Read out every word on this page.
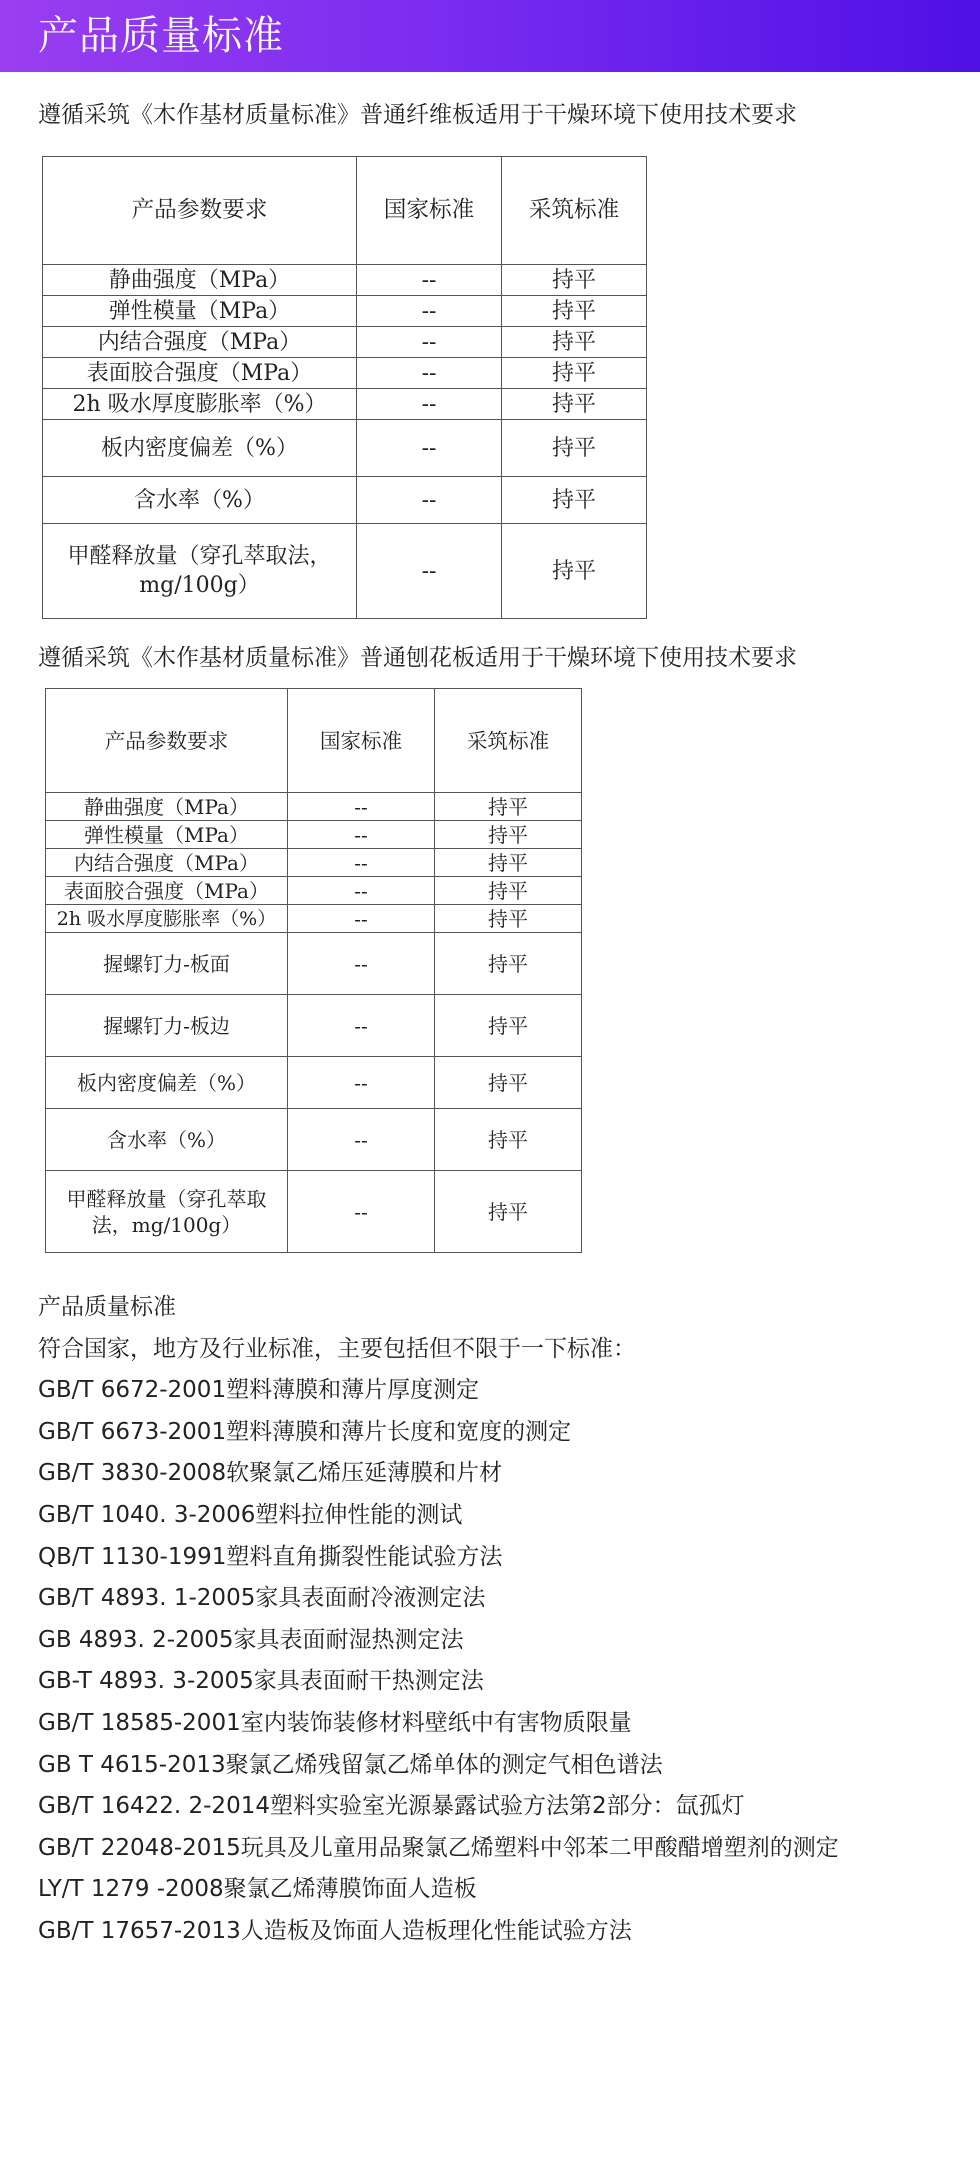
产品质量标准
遵循采筑《木作基材质量标准》普通纤维板适用于干燥环境下使用技术要求
产品参数要求	国家标准	采筑标准
静曲强度（MPa）	--	持平
弹性模量（MPa）	--	持平
内结合强度（MPa）	--	持平
表面胶合强度（MPa）	--	持平
2h 吸水厚度膨胀率（%）	--	持平
板内密度偏差（%）	--	持平
含水率（%）	--	持平
甲醛释放量（穿孔萃取法，mg/100g）	--	持平
遵循采筑《木作基材质量标准》普通刨花板适用于干燥环境下使用技术要求
产品参数要求	国家标准	采筑标准
静曲强度（MPa）	--	持平
弹性模量（MPa）	--	持平
内结合强度（MPa）	--	持平
表面胶合强度（MPa）	--	持平
2h 吸水厚度膨胀率（%）	--	持平
握螺钉力-板面	--	持平
握螺钉力-板边	--	持平
板内密度偏差（%）	--	持平
含水率（%）	--	持平
甲醛释放量（穿孔萃取法，mg/100g）	--	持平
产品质量标准
符合国家，地方及行业标准，主要包括但不限于一下标准：
GB/T 6672-2001塑料薄膜和薄片厚度测定
GB/T 6673-2001塑料薄膜和薄片长度和宽度的测定
GB/T 3830-2008软聚氯乙烯压延薄膜和片材
GB/T 1040. 3-2006塑料拉伸性能的测试
QB/T 1130-1991塑料直角撕裂性能试验方法
GB/T 4893. 1-2005家具表面耐冷液测定法
GB 4893. 2-2005家具表面耐湿热测定法
GB-T 4893. 3-2005家具表面耐干热测定法
GB/T 18585-2001室内装饰装修材料壁纸中有害物质限量
GB T 4615-2013聚氯乙烯残留氯乙烯单体的测定气相色谱法
GB/T 16422. 2-2014塑料实验室光源暴露试验方法第2部分：氙孤灯
GB/T 22048-2015玩具及儿童用品聚氯乙烯塑料中邻苯二甲酸醋增塑剂的测定
LY/T 1279 -2008聚氯乙烯薄膜饰面人造板
GB/T 17657-2013人造板及饰面人造板理化性能试验方法
